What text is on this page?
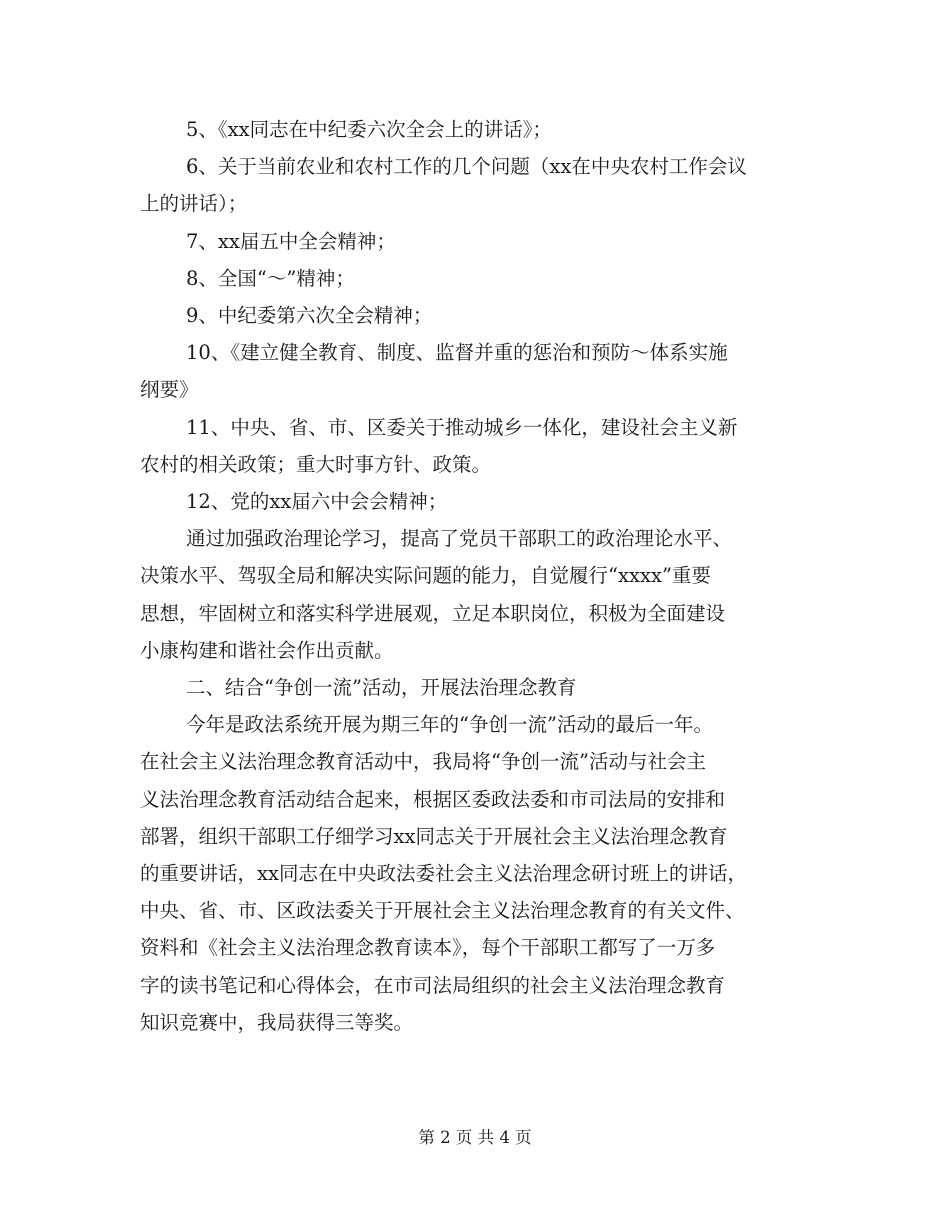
5、《xx同志在中纪委六次全会上的讲话》；

6、关于当前农业和农村工作的几个问题（xx在中央农村工作会议
上的讲话）；

7、xx届五中全会精神；

8、全国“～”精神；

9、中纪委第六次全会精神；

10、《建立健全教育、制度、监督并重的惩治和预防～体系实施
纲要》

11、中央、省、市、区委关于推动城乡一体化，建设社会主义新
农村的相关政策；重大时事方针、政策。

12、党的xx届六中会会精神；

通过加强政治理论学习，提高了党员干部职工的政治理论水平、
决策水平、驾驭全局和解决实际问题的能力，自觉履行“xxxx”重要
思想，牢固树立和落实科学进展观，立足本职岗位，积极为全面建设
小康构建和谐社会作出贡献。

二、结合“争创一流”活动，开展法治理念教育

今年是政法系统开展为期三年的“争创一流”活动的最后一年。
在社会主义法治理念教育活动中，我局将“争创一流”活动与社会主
义法治理念教育活动结合起来，根据区委政法委和市司法局的安排和
部署，组织干部职工仔细学习xx同志关于开展社会主义法治理念教育
的重要讲话，xx同志在中央政法委社会主义法治理念研讨班上的讲话，
中央、省、市、区政法委关于开展社会主义法治理念教育的有关文件、
资料和《社会主义法治理念教育读本》，每个干部职工都写了一万多
字的读书笔记和心得体会，在市司法局组织的社会主义法治理念教育
知识竞赛中，我局获得三等奖。

第 2 页 共 4 页
